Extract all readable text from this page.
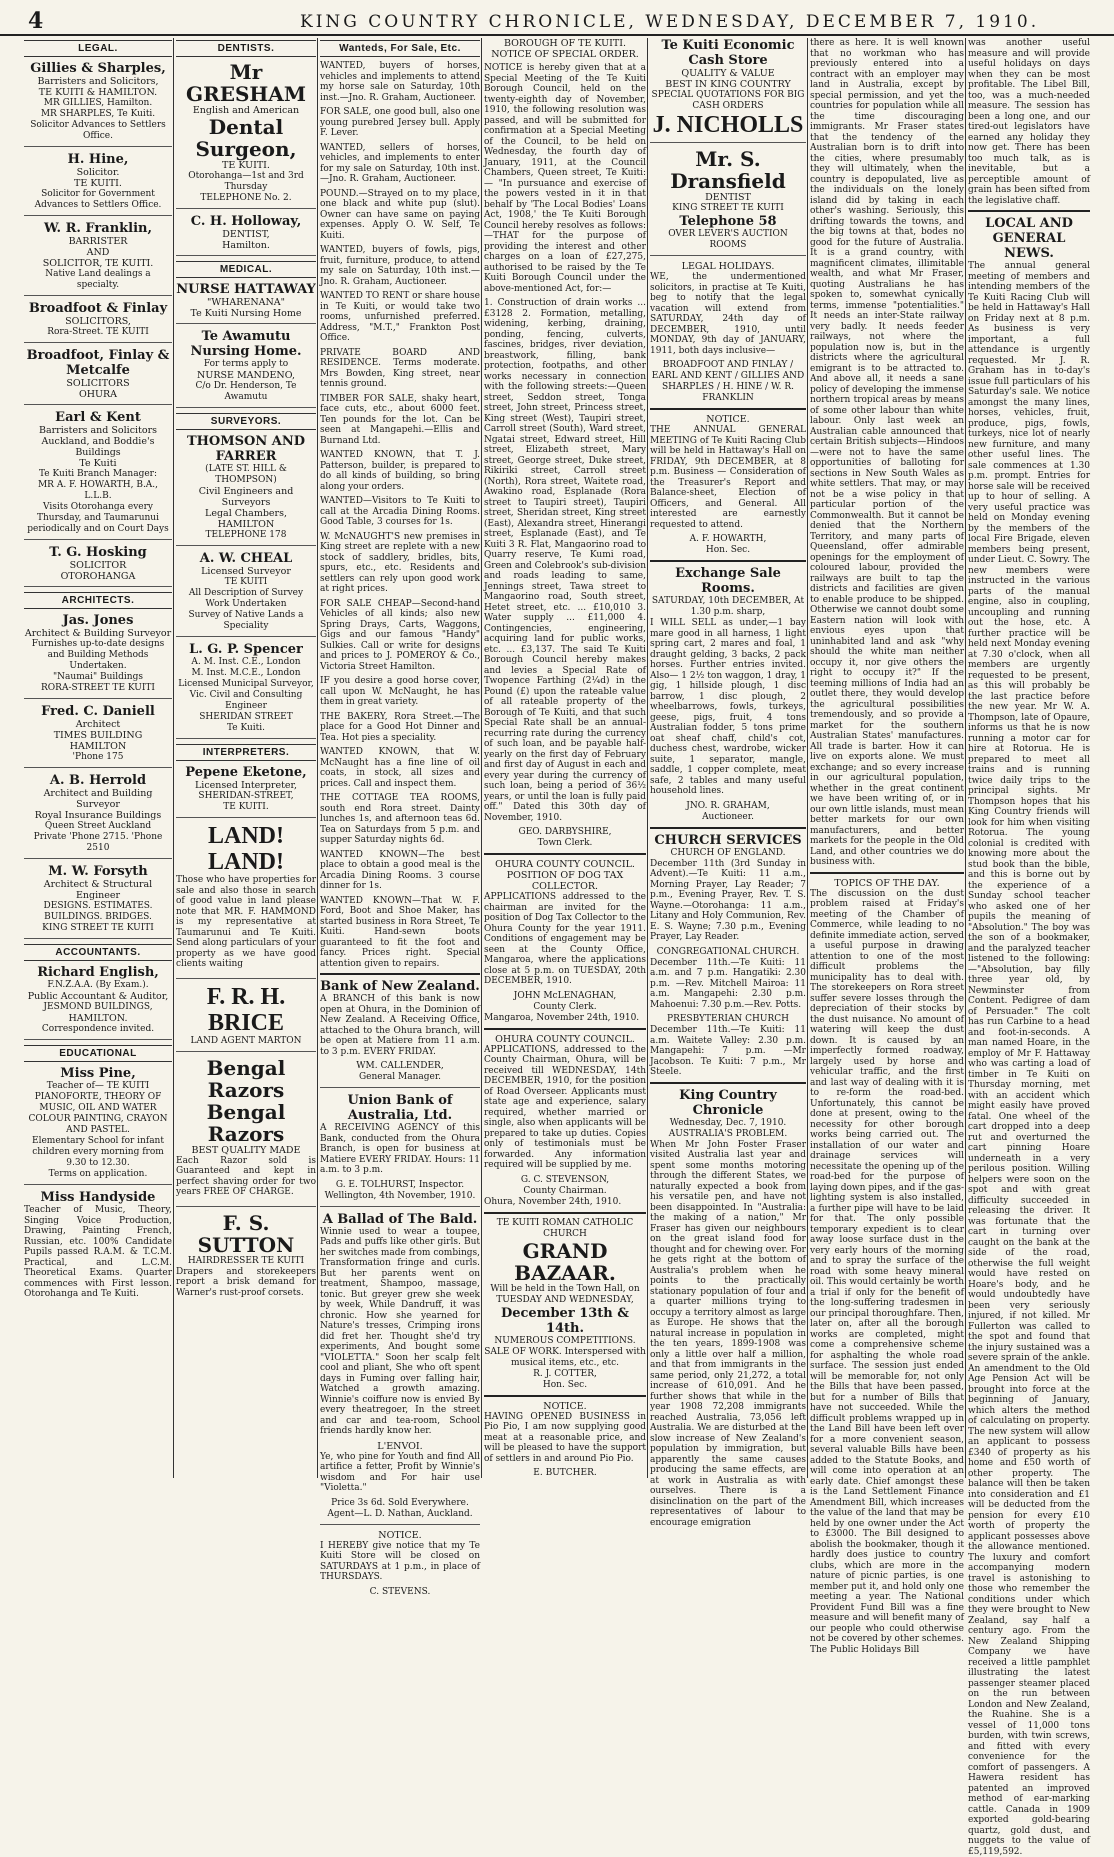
4	KING COUNTRY CHRONICLE, WEDNESDAY, DECEMBER 7, 1910.
LEGAL.
Gillies & Sharples,
Barristers and Solicitors,
TE KUITI & HAMILTON.
MR GILLIES, Hamilton.
MR SHARPLES, Te Kuiti.
Solicitor Advances to Settlers Office.
H. Hine,
Solicitor.
TE KUITI.
Solicitor for Government Advances to Settlers Office.
W. R. Franklin,
BARRISTER
AND
SOLICITOR, TE KUITI.
Native Land dealings a specialty.
Broadfoot & Finlay
SOLICITORS,
Rora-Street. TE KUITI
Broadfoot, Finlay & Metcalfe
SOLICITORS
OHURA
Earl & Kent
Barristers and Solicitors
Auckland, and Boddie's Buildings
Te Kuiti
Te Kuiti Branch Manager:
MR A. F. HOWARTH, B.A., L.L.B.
Visits Otorohanga every Thursday, and Taumarunui periodically and on Court Days
T. G. Hosking
SOLICITOR
OTOROHANGA
ARCHITECTS.
Jas. Jones
Architect & Building Surveyor
Furnishes up-to-date designs and Building Methods
Undertaken.
"Naumai" Buildings
RORA-STREET TE KUITI
Fred. C. Daniell
Architect
TIMES BUILDING
HAMILTON
'Phone 175
A. B. Herrold
Architect and Building Surveyor
Royal Insurance Buildings
Queen Street Auckland
Private 'Phone 2715. 'Phone 2510
M. W. Forsyth
Architect & Structural Engineer
DESIGNS. ESTIMATES.
BUILDINGS. BRIDGES.
KING STREET TE KUITI
ACCOUNTANTS.
Richard English,
F.N.Z.A.A. (By Exam.).
Public Accountant & Auditor,
JESMOND BUILDINGS,
HAMILTON.
Correspondence invited.
EDUCATIONAL
Miss Pine,
Teacher of— TE KUITI
PIANOFORTE, THEORY OF MUSIC, OIL AND WATER COLOUR PAINTING, CRAYON AND PASTEL.
Elementary School for infant children every morning from 9.30 to 12.30.
Terms on application.
Miss Handyside
Teacher of Music, Theory, Singing Voice Production, Drawing, Painting French, Russian, etc. 100% Candidate Pupils passed R.A.M. & T.C.M. Practical, and L.C.M. Theoretical Exams. Quarter commences with First lesson. Otorohanga and Te Kuiti.
DENTISTS.
Mr GRESHAM
English and American
Dental Surgeon,
TE KUITI.
Otorohanga—1st and 3rd Thursday
TELEPHONE No. 2.
C. H. Holloway,
DENTIST,
Hamilton.
MEDICAL.
NURSE HATTAWAY
"WHARENANA"
Te Kuiti Nursing Home
Te Awamutu Nursing Home.
For terms apply to
NURSE MANDENO,
C/o Dr. Henderson, Te Awamutu
SURVEYORS.
THOMSON AND FARRER
(LATE ST. HILL & THOMPSON)
Civil Engineers and Surveyors
Legal Chambers, HAMILTON
TELEPHONE 178
A. W. CHEAL
Licensed Surveyor
TE KUITI
All Description of Survey Work Undertaken
Survey of Native Lands a Speciality
L. G. P. Spencer
A. M. Inst. C.E., London
M. Inst. M.C.E., London
Licensed Municipal Surveyor, Vic. Civil and Consulting Engineer
SHERIDAN STREET
Te Kuiti.
INTERPRETERS.
Pepene Eketone,
Licensed Interpreter,
SHERIDAN-STREET,
TE KUITI.
LAND! LAND!
Those who have properties for sale and also those in search of good value in land please note that MR. F. HAMMOND is my representative at Taumarunui and Te Kuiti. Send along particulars of your property as we have good clients waiting
F. R. H. BRICE
LAND AGENT MARTON
Bengal Razors
Bengal Razors
BEST QUALITY MADE
Each Razor sold is Guaranteed and kept in perfect shaving order for two years FREE OF CHARGE.
F. S. SUTTON
HAIRDRESSER TE KUITI
Drapers and storekeepers report a brisk demand for Warner's rust-proof corsets.
Wanteds, For Sale, Etc.
WANTED, buyers of horses, vehicles and implements to attend my horse sale on Saturday, 10th inst.—Jno. R. Graham, Auctioneer.
FOR SALE, one good bull, also one young purebred Jersey bull. Apply F. Lever.
WANTED, sellers of horses, vehicles, and implements to enter for my sale on Saturday, 10th inst.—Jno. R. Graham, Auctioneer.
POUND.—Strayed on to my place, one black and white pup (slut). Owner can have same on paying expenses. Apply O. W. Self, Te Kuiti.
WANTED, buyers of fowls, pigs, fruit, furniture, produce, to attend my sale on Saturday, 10th inst.—Jno. R. Graham, Auctioneer.
WANTED TO RENT or share house in Te Kuiti, or would take two rooms, unfurnished preferred. Address, "M.T.," Frankton Post Office.
PRIVATE BOARD AND RESIDENCE. Terms moderate. Mrs Bowden, King street, near tennis ground.
TIMBER FOR SALE, shaky heart, face cuts, etc., about 6000 feet. Ten pounds for the lot. Can be seen at Mangapehi.—Ellis and Burnand Ltd.
WANTED KNOWN, that T. J. Patterson, builder, is prepared to do all kinds of building, so bring along your orders.
WANTED—Visitors to Te Kuiti to call at the Arcadia Dining Rooms. Good Table, 3 courses for 1s.
W. McNAUGHT'S new premises in King street are replete with a new stock of saddlery, bridles, bits, spurs, etc., etc. Residents and settlers can rely upon good work at right prices.
FOR SALE CHEAP—Second-hand Vehicles of all kinds; also new Spring Drays, Carts, Waggons, Gigs and our famous "Handy" Sulkies. Call or write for designs and prices to J. POMEROY & Co., Victoria Street Hamilton.
IF you desire a good horse cover, call upon W. McNaught, he has them in great variety.
THE BAKERY, Rora Street.—The place for a Good Hot Dinner and Tea. Hot pies a speciality.
WANTED KNOWN, that W. McNaught has a fine line of oil coats, in stock, all sizes and prices. Call and inspect them.
THE COTTAGE TEA ROOMS, south end Rora street. Dainty lunches 1s, and afternoon teas 6d. Tea on Saturdays from 5 p.m. and supper Saturday nights 6d.
WANTED KNOWN—The best place to obtain a good meal is the Arcadia Dining Rooms. 3 course dinner for 1s.
WANTED KNOWN—That W. F. Ford, Boot and Shoe Maker, has started business in Rora Street, Te Kuiti. Hand-sewn boots guaranteed to fit the foot and fancy. Prices right. Special attention given to repairs.
Bank of New Zealand.
A BRANCH of this bank is now open at Ohura, in the Dominion of New Zealand. A Receiving Office, attached to the Ohura branch, will be open at Matiere from 11 a.m. to 3 p.m. EVERY FRIDAY.
WM. CALLENDER,
General Manager.
Union Bank of Australia, Ltd.
A RECEIVING AGENCY of this Bank, conducted from the Ohura Branch, is open for business at Matiere EVERY FRIDAY. Hours: 11 a.m. to 3 p.m.
G. E. TOLHURST, Inspector.
Wellington, 4th November, 1910.
A Ballad of The Bald.
Winnie used to wear a toupee, Pads and puffs like other girls. But her switches made from combings, Transformation fringe and curls. But her parents went on treatment, Shampoo, massage, tonic. But greyer grew she week by week, While Dandruff, it was chronic. How she yearned for Nature's tresses, Crimping irons did fret her. Thought she'd try experiments, And bought some "VIOLETTA." Soon her scalp felt cool and pliant, She who oft spent days in Fuming over falling hair, Watched a growth amazing. Winnie's coiffure now is envied By every theatregoer, In the street and car and tea-room, School friends hardly know her.
L'ENVOI.
Ye, who pine for Youth and find All artifice a fetter, Profit by Winnie's wisdom and For hair use "Violetta."
Price 3s 6d. Sold Everywhere. Agent—L. D. Nathan, Auckland.
NOTICE.
I HEREBY give notice that my Te Kuiti Store will be closed on SATURDAYS at 1 p.m., in place of THURSDAYS.
C. STEVENS.
BOROUGH OF TE KUITI.
NOTICE OF SPECIAL ORDER.
NOTICE is hereby given that at a Special Meeting of the Te Kuiti Borough Council, held on the twenty-eighth day of November, 1910, the following resolution was passed, and will be submitted for confirmation at a Special Meeting of the Council, to be held on Wednesday, the fourth day of January, 1911, at the Council Chambers, Queen street, Te Kuiti:— "In pursuance and exercise of the powers vested in it in that behalf by 'The Local Bodies' Loans Act, 1908,' the Te Kuiti Borough Council hereby resolves as follows:—THAT for the purpose of providing the interest and other charges on a loan of £27,275, authorised to be raised by the Te Kuiti Borough Council under the above-mentioned Act, for:—
1. Construction of drain works ... £3128 2. Formation, metalling, widening, kerbing, draining, ponding, fencing, culverts, fascines, bridges, river deviation, breastwork, filling, bank protection, footpaths, and other works necessary in connection with the following streets:—Queen street, Seddon street, Tonga street, John street, Princess street, King street (West), Taupiri street, Carroll street (South), Ward street, Ngatai street, Edward street, Hill street, Elizabeth street, Mary street, George street, Duke street, Rikiriki street, Carroll street (North), Rora street, Waitete road, Awakino road, Esplanade (Rora street to Taupiri street), Taupiri street, Sheridan street, King street (East), Alexandra street, Hinerangi street, Esplanade (East), and Te Kuiti 3 R. Flat, Mangaorino road to Quarry reserve, Te Kumi road, Green and Colebrook's sub-division and roads leading to same, Jennings street, Tawa street to Mangaorino road, South street, Hetet street, etc. ... £10,010 3. Water supply ... £11,000 4. Contingencies, engineering, acquiring land for public works, etc. ... £3,137. The said Te Kuiti Borough Council hereby makes and levies a Special Rate of Twopence Farthing (2¼d) in the Pound (£) upon the rateable value of all rateable property of the Borough of Te Kuiti, and that such Special Rate shall be an annual-recurring rate during the currency of such loan, and be payable half-yearly on the first day of February and first day of August in each and every year during the currency of such loan, being a period of 36½ years, or until the loan is fully paid off." Dated this 30th day of November, 1910.
GEO. DARBYSHIRE,
Town Clerk.
OHURA COUNTY COUNCIL.
POSITION OF DOG TAX COLLECTOR.
APPLICATIONS addressed to the chairman are invited for the position of Dog Tax Collector to the Ohura County for the year 1911. Conditions of engagement may be seen at the County Office, Mangaroa, where the applications close at 5 p.m. on TUESDAY, 20th DECEMBER, 1910.
JOHN McLENAGHAN,
County Clerk.
Mangaroa, November 24th, 1910.
OHURA COUNTY COUNCIL.
APPLICATIONS, addressed to the County Chairman, Ohura, will be received till WEDNESDAY, 14th DECEMBER, 1910, for the position of Road Overseer. Applicants must state age and experience, salary required, whether married or single, also when applicants will be prepared to take up duties. Copies only of testimonials must be forwarded. Any information required will be supplied by me.
G. C. STEVENSON,
County Chairman.
Ohura, November 24th, 1910.
TE KUITI ROMAN CATHOLIC CHURCH
GRAND BAZAAR.
Will be held in the Town Hall, on TUESDAY AND WEDNESDAY,
December 13th & 14th.
NUMEROUS COMPETITIONS. SALE OF WORK. Interspersed with musical items, etc., etc.
R. J. COTTER,
Hon. Sec.
NOTICE.
HAVING OPENED BUSINESS in Pio Pio, I am now supplying good meat at a reasonable price, and will be pleased to have the support of settlers in and around Pio Pio.
E. BUTCHER.
Te Kuiti Economic Cash Store
QUALITY & VALUE
BEST IN KING COUNTRY
SPECIAL QUOTATIONS FOR BIG CASH ORDERS
J. NICHOLLS
Mr. S. Dransfield
DENTIST
KING STREET TE KUITI
Telephone 58
OVER LEVER'S AUCTION ROOMS
LEGAL HOLIDAYS.
WE, the undermentioned solicitors, in practise at Te Kuiti, beg to notify that the legal vacation will extend from SATURDAY, 24th day of DECEMBER, 1910, until MONDAY, 9th day of JANUARY, 1911, both days inclusive—
BROADFOOT AND FINLAY / EARL AND KENT / GILLIES AND SHARPLES / H. HINE / W. R. FRANKLIN
NOTICE.
THE ANNUAL GENERAL MEETING of Te Kuiti Racing Club will be held in Hattaway's Hall on FRIDAY, 9th DECEMBER, at 8 p.m. Business — Consideration of the Treasurer's Report and Balance-sheet, Election of Officers, and General. All interested are earnestly requested to attend.
A. F. HOWARTH,
Hon. Sec.
Exchange Sale Rooms.
SATURDAY, 10th DECEMBER, At 1.30 p.m. sharp,
I WILL SELL as under,—1 bay mare good in all harness, 1 light spring cart, 2 mares and foal, 1 draught gelding, 3 backs, 2 pack horses. Further entries invited. Also— 1 2½ ton waggon, 1 dray, 1 gig, 1 hillside plough, 1 disc barrow, 1 disc plough, 2 wheelbarrows, fowls, turkeys, geese, pigs, fruit, 4 tons Australian fodder, 5 tons prime oat sheaf chaff, child's cot, duchess chest, wardrobe, wicker suite, 1 separator, mangle, saddle, 1 copper complete, meat safe, 2 tables and many useful household lines.
JNO. R. GRAHAM,
Auctioneer.
CHURCH SERVICES
CHURCH OF ENGLAND.
December 11th (3rd Sunday in Advent).—Te Kuiti: 11 a.m., Morning Prayer, Lay Reader; 7 p.m., Evening Prayer, Rev. T. S. Wayne.—Otorohanga: 11 a.m., Litany and Holy Communion, Rev. E. S. Wayne; 7.30 p.m., Evening Prayer, Lay Reader.
CONGREGATIONAL CHURCH.
December 11th.—Te Kuiti: 11 a.m. and 7 p.m. Hangatiki: 2.30 p.m. —Rev. Mitchell Mairoa: 11 a.m. Mangapehi: 2.30 p.m. Mahoenui: 7.30 p.m.—Rev. Potts.
PRESBYTERIAN CHURCH
December 11th.—Te Kuiti: 11 a.m. Waitete Valley: 2.30 p.m. Mangapehi: 7 p.m. —Mr Jacobson. Te Kuiti: 7 p.m., Mr Steele.
King Country Chronicle
Wednesday, Dec. 7, 1910.
AUSTRALIA'S PROBLEM.
When Mr John Foster Fraser visited Australia last year and spent some months motoring through the different States, we naturally expected a book from his versatile pen, and have not been disappointed. In "Australia: the making of a nation," Mr Fraser has given our neighbours on the great island food for thought and for chewing over. For he gets right at the bottom of Australia's problem when he points to the practically stationary population of four and a quarter millions trying to occupy a territory almost as large as Europe. He shows that the natural increase in population in the ten years, 1899-1908 was only a little over half a million, and that from immigrants in the same period, only 21,272, a total increase of 610,091. And he further shows that while in the year 1908 72,208 immigrants reached Australia, 73,056 left Australia. We are disturbed at the slow increase of New Zealand's population by immigration, but apparently the same causes producing the same effects, are at work in Australia as with ourselves. There is a disinclination on the part of the representatives of labour to encourage emigration
there as here. It is well known that no workman who has previously entered into a contract with an employer may land in Australia, except by special permission, and yet the countries for population while all the time discouraging immigrants. Mr Fraser states that the tendency of the Australian born is to drift into the cities, where presumably they will ultimately, when the country is depopulated, live as the individuals on the lonely island did by taking in each other's washing. Seriously, this drifting towards the towns, and the big towns at that, bodes no good for the future of Australia. It is a grand country, with magnificent climates, illimitable wealth, and what Mr Fraser, quoting Australians he has spoken to, somewhat cynically terms, immense "potentialities." It needs an inter-State railway very badly. It needs feeder railways, not where the population now is, but in the districts where the agricultural emigrant is to be attracted to. And above all, it needs a sane policy of developing the immense northern tropical areas by means of some other labour than white labour. Only last week an Australian cable announced that certain British subjects—Hindoos—were not to have the same opportunities of balloting for sections in New South Wales as white settlers. That may, or may not be a wise policy in that particular portion of the Commonwealth. But it cannot be denied that the Northern Territory, and many parts of Queensland, offer admirable openings for the employment of coloured labour, provided the railways are built to tap the districts and facilities are given to enable produce to be shipped. Otherwise we cannot doubt some Eastern nation will look with envious eyes upon that uninhabited land and ask "why should the white man neither occupy it, nor give others the right to occupy it?" If the teeming millions of India had an outlet there, they would develop the agricultural possibilities tremendously, and so provide a market for the southern Australian States' manufactures. All trade is barter. How it can live on exports alone. We must exchange; and so every increase in our agricultural population, whether in the great continent we have been writing of, or in our own little islands, must mean better markets for our own manufacturers, and better markets for the people in the Old Land, and other countries we do business with.
TOPICS OF THE DAY.
The discussion on the dust problem raised at Friday's meeting of the Chamber of Commerce, while leading to no definite immediate action, served a useful purpose in drawing attention to one of the most difficult problems the municipality has to deal with. The storekeepers on Rora street suffer severe losses through the depreciation of their stocks by the dust nuisance. No amount of watering will keep the dust down. It is caused by an imperfectly formed roadway, largely used by horse and vehicular traffic, and the first and last way of dealing with it is to re-form the road-bed. Unfortunately, this cannot be done at present, owing to the necessity for other borough works being carried out. The installation of our water and drainage services will necessitate the opening up of the road-bed for the purpose of laying down pipes, and if the gas-lighting system is also installed, a further pipe will have to be laid for that. The only possible temporary expedient is to clear away loose surface dust in the very early hours of the morning and to spray the surface of the road with some heavy mineral oil. This would certainly be worth a trial if only for the benefit of the long-suffering tradesmen in our principal thoroughfare. Then, later on, after all the borough works are completed, might come a comprehensive scheme for asphalting the whole road surface. The session just ended will be memorable for, not only the Bills that have been passed, but for a number of Bills that have not succeeded. While the difficult problems wrapped up in the Land Bill have been left over for a more convenient season, several valuable Bills have been added to the Statute Books, and will come into operation at an early date. Chief amongst these is the Land Settlement Finance Amendment Bill, which increases the value of the land that may be held by one owner under the Act to £3000. The Bill designed to abolish the bookmaker, though it hardly does justice to country clubs, which are more in the nature of picnic parties, is one member put it, and hold only one meeting a year. The National Provident Fund Bill was a fine measure and will benefit many of our people who could otherwise not be covered by other schemes. The Public Holidays Bill
was another useful measure and will provide useful holidays on days when they can be most profitable. The Libel Bill, too, was a much-needed measure. The session has been a long one, and our tired-out legislators have earned any holiday they now get. There has been too much talk, as is inevitable, but a perceptible amount of grain has been sifted from the legislative chaff.
LOCAL AND GENERAL NEWS.
The annual general meeting of members and intending members of the Te Kuiti Racing Club will be held in Hattaway's Hall on Friday next at 8 p.m. As business is very important, a full attendance is urgently requested. Mr J. R. Graham has in to-day's issue full particulars of his Saturday's sale. We notice amongst the many lines, horses, vehicles, fruit, produce, pigs, fowls, turkeys, nice lot of nearly new furniture, and many other useful lines. The sale commences at 1.30 p.m. prompt. Entries for horse sale will be received up to hour of selling. A very useful practice was held on Monday evening by the members of the local Fire Brigade, eleven members being present, under Lieut. C. Sowry. The new members were instructed in the various parts of the manual engine, also in coupling, uncoupling and running out the hose, etc. A further practice will be held next Monday evening at 7.30 o'clock, when all members are urgently requested to be present, as this will probably be the last practice before the new year. Mr W. A. Thompson, late of Opaure, informs us that he is now running a motor car for hire at Rotorua. He is prepared to meet all trains and is running twice daily trips to the principal sights. Mr Thompson hopes that his King Country friends will look for him when visiting Rotorua. The young colonial is credited with knowing more about the stud book than the bible, and this is borne out by the experience of a Sunday school teacher who asked one of her pupils the meaning of "Absolution." The boy was the son of a bookmaker, and the paralyzed teacher listened to the following:—"Absolution, bay filly three year old, by Newminster from Content. Pedigree of dam of Persuader." The colt has run Carbine to a head and foot-in-seconds. A man named Hoare, in the employ of Mr F. Hattaway who was carting a load of timber in Te Kuiti on Thursday morning, met with an accident which might easily have proved fatal. One wheel of the cart dropped into a deep rut and overturned the cart pinning Hoare underneath in a very perilous position. Willing helpers were soon on the spot and with great difficulty succeeded in releasing the driver. It was fortunate that the cart in turning over caught on the bank at the side of the road, otherwise the full weight would have rested on Hoare's body, and he would undoubtedly have been very seriously injured, if not killed. Mr Fullerton was called to the spot and found that the injury sustained was a severe sprain of the ankle. An amendment to the Old Age Pension Act will be brought into force at the beginning of January, which alters the method of calculating on property. The new system will allow an applicant to possess £340 of property as his home and £50 worth of other property. The balance will then be taken into consideration and £1 will be deducted from the pension for every £10 worth of property the applicant possesses above the allowance mentioned. The luxury and comfort accompanying modern travel is astonishing to those who remember the conditions under which they were brought to New Zealand, say half a century ago. From the New Zealand Shipping Company we have received a little pamphlet illustrating the latest passenger steamer placed on the run between London and New Zealand, the Ruahine. She is a vessel of 11,000 tons burden, with twin screws, and fitted with every convenience for the comfort of passengers. A Hawera resident has patented an improved method of ear-marking cattle. Canada in 1909 exported gold-bearing quartz, gold dust, and nuggets to the value of £5,119,592.
